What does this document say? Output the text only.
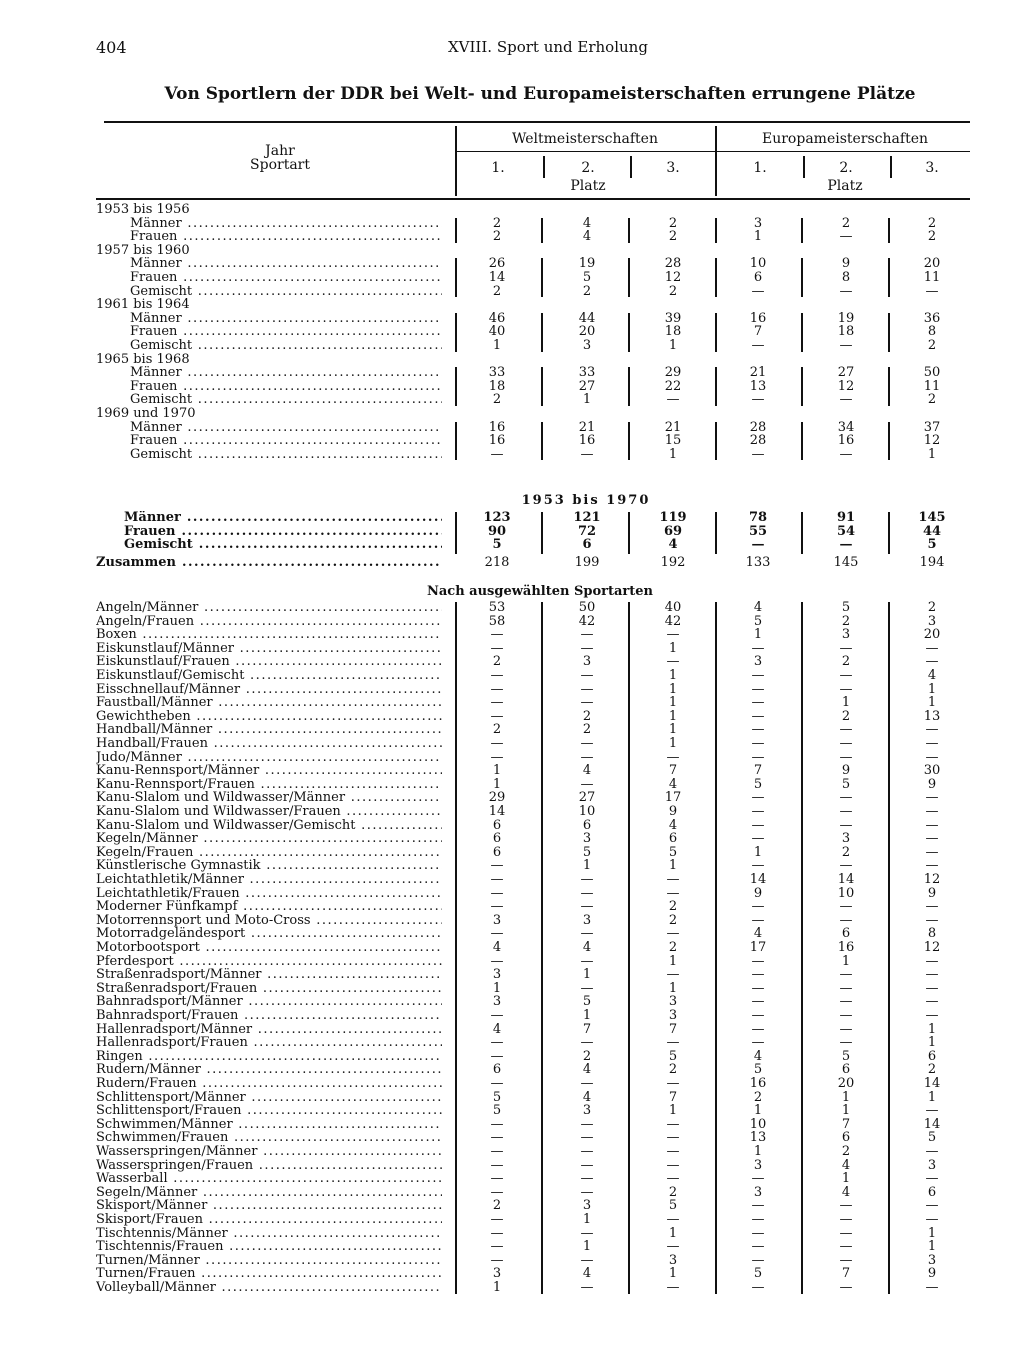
404	XVIII. Sport und Erholung
Von Sportlern der DDR bei Welt- und Europameisterschaften errungene Plätze
Jahr
Sportart
Weltmeisterschaften	Europameisterschaften
1.	2.	3.
Platz
1.	2.	3.
Platz
1953 bis 1970
Nach ausgewählten Sportarten
1953 bis 1956
Männer .....	2	4	2	3	2	2
Frauen .....	2	4	2	1	—	2
1957 bis 1960
Männer .....	26	19	28	10	9	20
Frauen .....	14	5	12	6	8	11
Gemischt .....	2	2	2	—	—	—
1961 bis 1964
Männer .....	46	44	39	16	19	36
Frauen .....	40	20	18	7	18	8
Gemischt .....	1	3	1	—	—	2
1965 bis 1968
Männer .....	33	33	29	21	27	50
Frauen .....	18	27	22	13	12	11
Gemischt .....	2	1	—	—	—	2
1969 und 1970
Männer .....	16	21	21	28	34	37
Frauen .....	16	16	15	28	16	12
Gemischt .....	—	—	1	—	—	1
Männer .....	123	121	119	78	91	145
Frauen .....	90	72	69	55	54	44
Gemischt .....	5	6	4	—	—	5
Zusammen .....	218	199	192	133	145	194
Angeln/Männer .....	53	50	40	4	5	2
Angeln/Frauen .....	58	42	42	5	2	3
Boxen .....	—	—	—	1	3	20
Eiskunstlauf/Männer .....	—	—	1	—	—	—
Eiskunstlauf/Frauen .....	2	3	—	3	2	—
Eiskunstlauf/Gemischt .....	—	—	1	—	—	4
Eisschnellauf/Männer .....	—	—	1	—	—	1
Faustball/Männer .....	—	—	1	—	1	1
Gewichtheben .....	—	2	1	—	2	13
Handball/Männer .....	2	2	1	—	—	—
Handball/Frauen .....	—	—	1	—	—	—
Judo/Männer .....	—	—	—	—	—	—
Kanu-Rennsport/Männer .....	1	4	7	7	9	30
Kanu-Rennsport/Frauen .....	1	—	4	5	5	9
Kanu-Slalom und Wildwasser/Männer .....	29	27	17	—	—	—
Kanu-Slalom und Wildwasser/Frauen .....	14	10	9	—	—	—
Kanu-Slalom und Wildwasser/Gemischt .....	6	6	4	—	—	—
Kegeln/Männer .....	6	3	6	—	3	—
Kegeln/Frauen .....	6	5	5	1	2	—
Künstlerische Gymnastik .....	—	1	1	—	—	—
Leichtathletik/Männer .....	—	—	—	14	14	12
Leichtathletik/Frauen .....	—	—	—	9	10	9
Moderner Fünfkampf .....	—	—	2	—	—	—
Motorrennsport und Moto-Cross .....	3	3	2	—	—	—
Motorradgeländesport .....	—	—	—	4	6	8
Motorbootsport .....	4	4	2	17	16	12
Pferdesport .....	—	—	1	—	1	—
Straßenradsport/Männer .....	3	1	—	—	—	—
Straßenradsport/Frauen .....	1	—	1	—	—	—
Bahnradsport/Männer .....	3	5	3	—	—	—
Bahnradsport/Frauen .....	—	1	3	—	—	—
Hallenradsport/Männer .....	4	7	7	—	—	1
Hallenradsport/Frauen .....	—	—	—	—	—	1
Ringen .....	—	2	5	4	5	6
Rudern/Männer .....	6	4	2	5	6	2
Rudern/Frauen .....	—	—	—	16	20	14
Schlittensport/Männer .....	5	4	7	2	1	1
Schlittensport/Frauen .....	5	3	1	1	1	—
Schwimmen/Männer .....	—	—	—	10	7	14
Schwimmen/Frauen .....	—	—	—	13	6	5
Wasserspringen/Männer .....	—	—	—	1	2	—
Wasserspringen/Frauen .....	—	—	—	3	4	3
Wasserball .....	—	—	—	—	1	—
Segeln/Männer .....	—	—	2	3	4	6
Skisport/Männer .....	2	3	5	—	—	—
Skisport/Frauen .....	—	1	—	—	—	—
Tischtennis/Männer .....	—	—	1	—	—	1
Tischtennis/Frauen .....	—	1	—	—	—	1
Turnen/Männer .....	—	—	3	—	—	3
Turnen/Frauen .....	3	4	1	5	7	9
Volleyball/Männer .....	1	—	—	—	—	—
